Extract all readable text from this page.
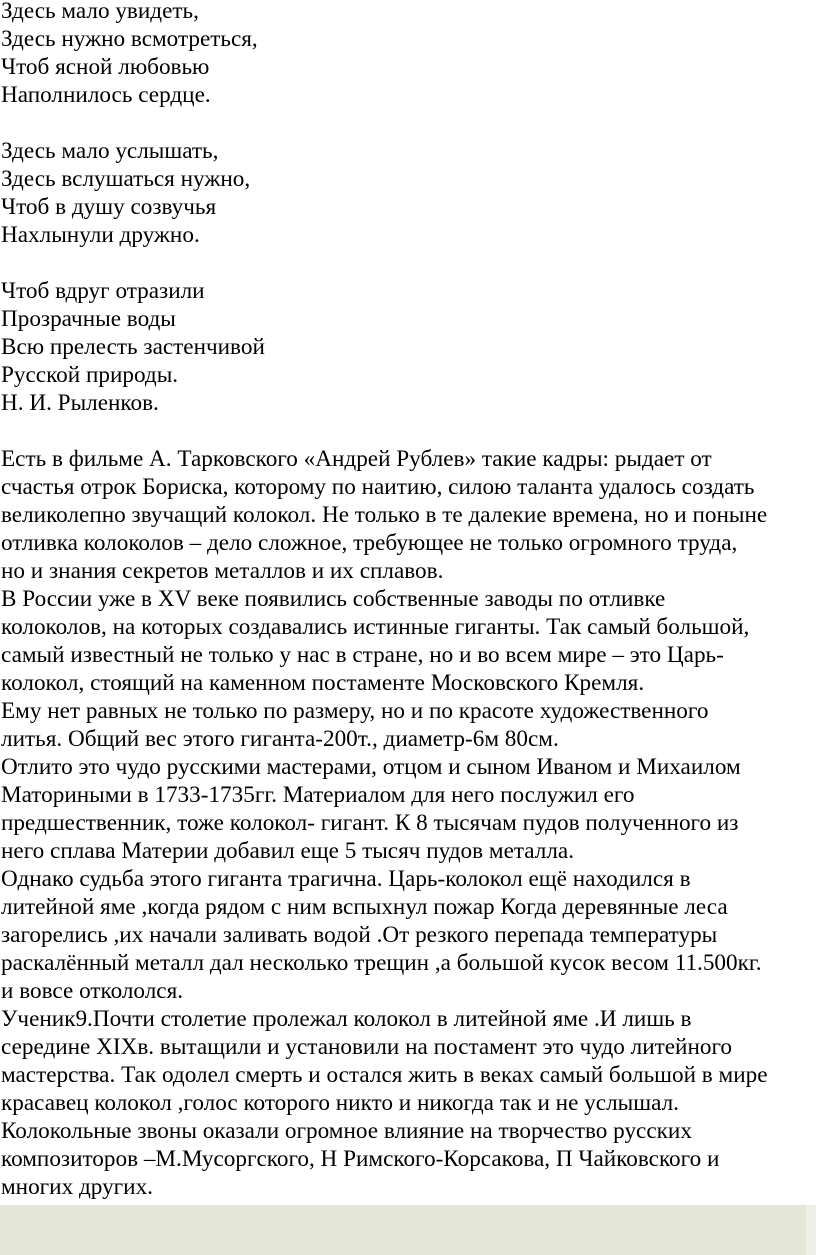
Здесь мало увидеть,
Здесь нужно всмотреться,
Чтоб ясной любовью
Наполнилось сердце.
Здесь мало услышать,
Здесь вслушаться нужно,
Чтоб в душу созвучья
Нахлынули дружно.
Чтоб вдруг отразили
Прозрачные воды
Всю прелесть застенчивой
Русской природы.
Н. И. Рыленков.
Есть в фильме А. Тарковского «Андрей Рублев» такие кадры: рыдает от
счастья отрок Бориска, которому по наитию, силою таланта удалось создать
великолепно звучащий колокол. Не только в те далекие времена, но и поныне
отливка колоколов – дело сложное, требующее не только огромного труда,
но и знания секретов металлов и их сплавов.
В России уже в XV веке появились собственные заводы по отливке
колоколов, на которых создавались истинные гиганты. Так самый большой,
самый известный не только у нас в стране, но и во всем мире – это Царь-
колокол, стоящий на каменном постаменте Московского Кремля.
Ему нет равных не только по размеру, но и по красоте художественного
литья. Общий вес этого гиганта-200т., диаметр-6м 80см.
Отлито это чудо русскими мастерами, отцом и сыном Иваном и Михаилом
Маториными в 1733-1735гг. Материалом для него послужил его
предшественник, тоже колокол- гигант. К 8 тысячам пудов полученного из
него сплава Материи добавил еще 5 тысяч пудов металла.
Однако судьба этого гиганта трагична. Царь-колокол ещё находился в
литейной яме ,когда рядом с ним вспыхнул пожар Когда деревянные леса
загорелись ,их начали заливать водой .От резкого перепада температуры
раскалённый металл дал несколько трещин ,а большой кусок весом 11.500кг.
и вовсе откололся.
Ученик9.Почти столетие пролежал колокол в литейной яме .И лишь в
середине XIXв. вытащили и установили на постамент это чудо литейного
мастерства. Так одолел смерть и остался жить в веках самый большой в мире
красавец колокол ,голос которого никто и никогда так и не услышал.
Колокольные звоны оказали огромное влияние на творчество русских
композиторов –М.Мусоргского, Н Римского-Корсакова, П Чайковского и
многих других.
